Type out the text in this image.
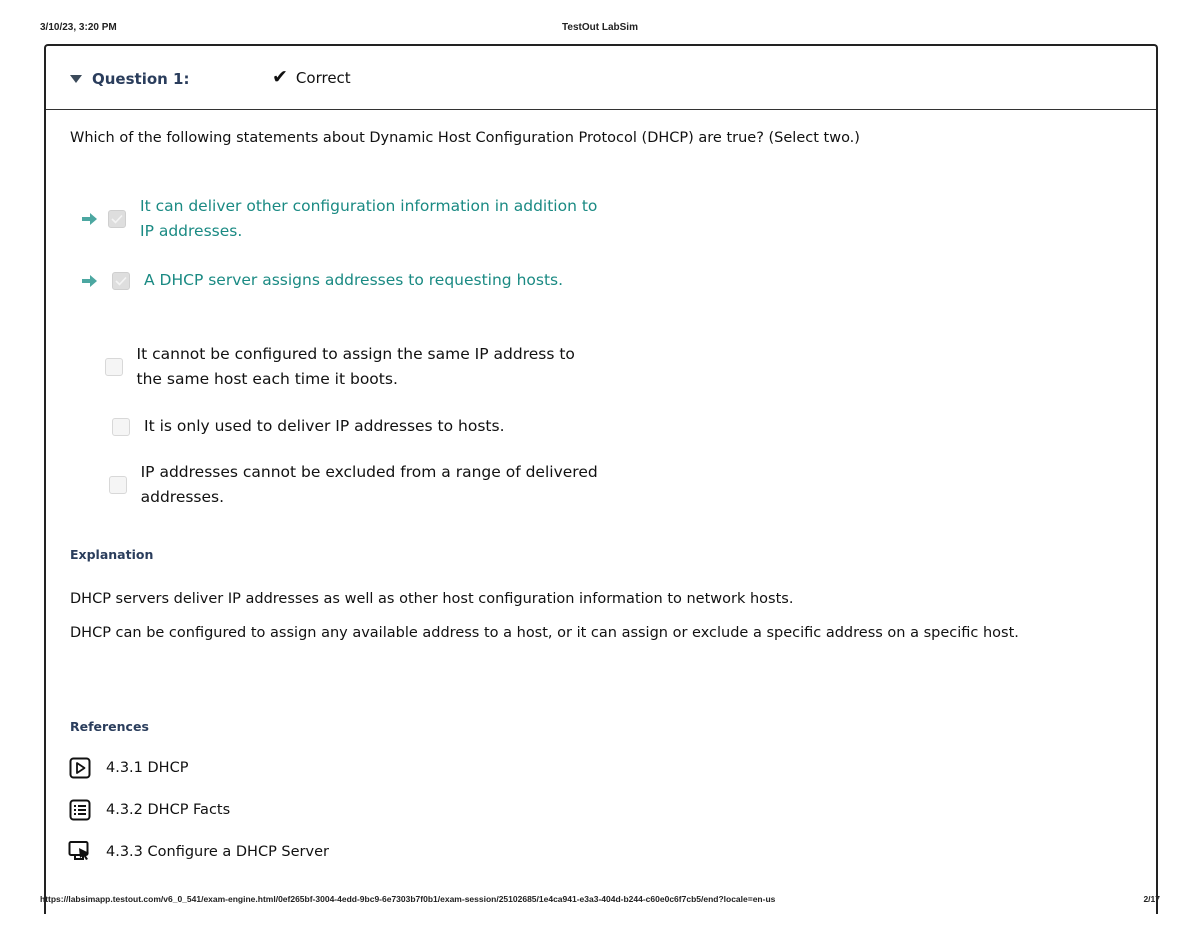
3/10/23, 3:20 PM	TestOut LabSim
Question 1:	✔ Correct
Which of the following statements about Dynamic Host Configuration Protocol (DHCP) are true? (Select two.)
It can deliver other configuration information in addition to IP addresses.
A DHCP server assigns addresses to requesting hosts.
It cannot be configured to assign the same IP address to the same host each time it boots.
It is only used to deliver IP addresses to hosts.
IP addresses cannot be excluded from a range of delivered addresses.
Explanation
DHCP servers deliver IP addresses as well as other host configuration information to network hosts.
DHCP can be configured to assign any available address to a host, or it can assign or exclude a specific address on a specific host.
References
4.3.1 DHCP
4.3.2 DHCP Facts
4.3.3 Configure a DHCP Server
https://labsimapp.testout.com/v6_0_541/exam-engine.html/0ef265bf-3004-4edd-9bc9-6e7303b7f0b1/exam-session/25102685/1e4ca941-e3a3-404d-b244-c60e0c6f7cb5/end?locale=en-us	2/17
